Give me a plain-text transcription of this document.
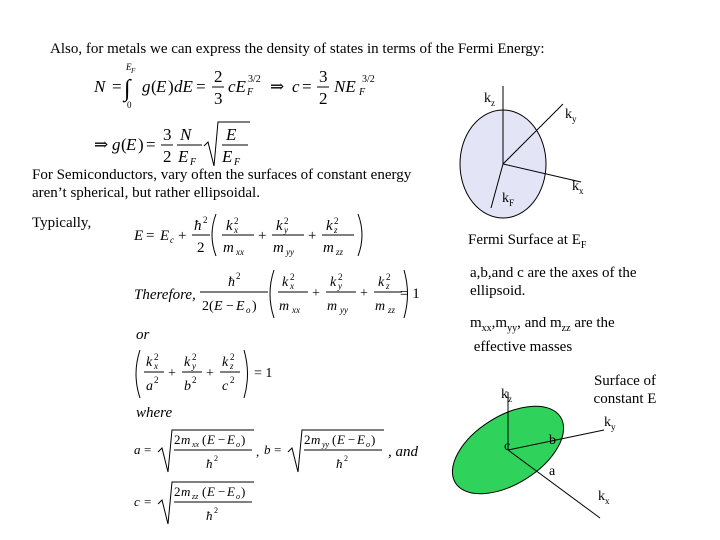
Also, for metals we can express the density of states in terms of the Fermi Energy:
N =
E F
∫
0
g ( E ) dE =
2
3
cE F
3/2 ⇒ c =
3
2
NE F
3/2
⇒ g ( E ) =
3
2
N
E F
E
E F
For Semiconductors, vary often the surfaces of constant energy aren’t spherical, but rather ellipsoidal.
Typically,
E = E c +
ħ 2
2
k x
2
m xx
+
k y
2
m yy
+
k z
2
m zz
Therefore,
ħ 2
2( E − E o )
k x
2
m xx
+
k y
2
m yy
+
k z
2
m zz
= 1
or
k x
2
a 2 +
k y
2
b 2 +
k z
2
c 2 = 1
where
a =
2 m xx ( E − E o )
ħ 2	, b =
2 m yy ( E − E o )
ħ 2	, and
c =
2 m zz ( E − E o )
ħ 2
$k_z$
$k_y$
$k_x$
$k_F$
Fermi Surface at $E_F$
a,b,and c are the axes of the ellipsoid.
$m_{xx},m_{yy}$, and $m_{zz}$ are the
effective masses
$k_z$
$k_y$
$k_x$
c	b
a
Surface of constant E
